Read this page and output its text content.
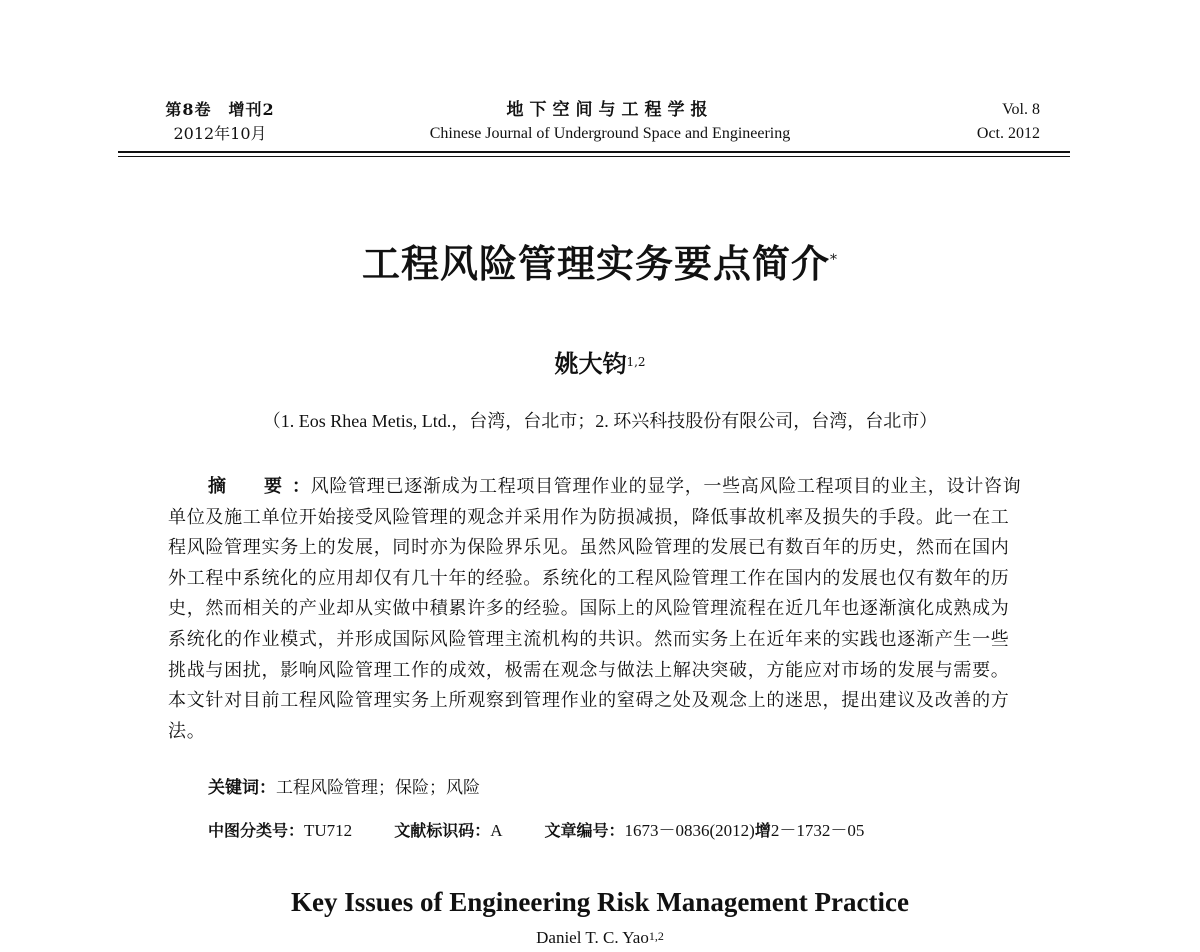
第8卷　增刊2
2012年10月
地下空间与工程学报
Chinese Journal of Underground Space and Engineering
Vol. 8
Oct. 2012
工程风险管理实务要点简介*
姚大钧$^{1,2}$
（1. Eos Rhea Metis, Ltd.，台湾，台北市；2. 环兴科技股份有限公司，台湾，台北市）
摘　要：风险管理已逐渐成为工程项目管理作业的显学，一些高风险工程项目的业主，设计咨询单位及施工单位开始接受风险管理的观念并采用作为防损减损，降低事故机率及损失的手段。此一在工程风险管理实务上的发展，同时亦为保险界乐见。虽然风险管理的发展已有数百年的历史，然而在国内外工程中系统化的应用却仅有几十年的经验。系统化的工程风险管理工作在国内的发展也仅有数年的历史，然而相关的产业却从实做中積累许多的经验。国际上的风险管理流程在近几年也逐渐演化成熟成为系统化的作业模式，并形成国际风险管理主流机构的共识。然而实务上在近年来的实践也逐渐产生一些挑战与困扰，影响风险管理工作的成效，极需在观念与做法上解决突破，方能应对市场的发展与需要。本文针对目前工程风险管理实务上所观察到管理作业的窒碍之处及观念上的迷思，提出建议及改善的方法。
关键词：工程风险管理；保险；风险
中图分类号：TU712	文献标识码：A	文章编号：1673－0836(2012)增2－1732－05
Key Issues of Engineering Risk Management Practice
Daniel T. C. Yao$^{1,2}$
